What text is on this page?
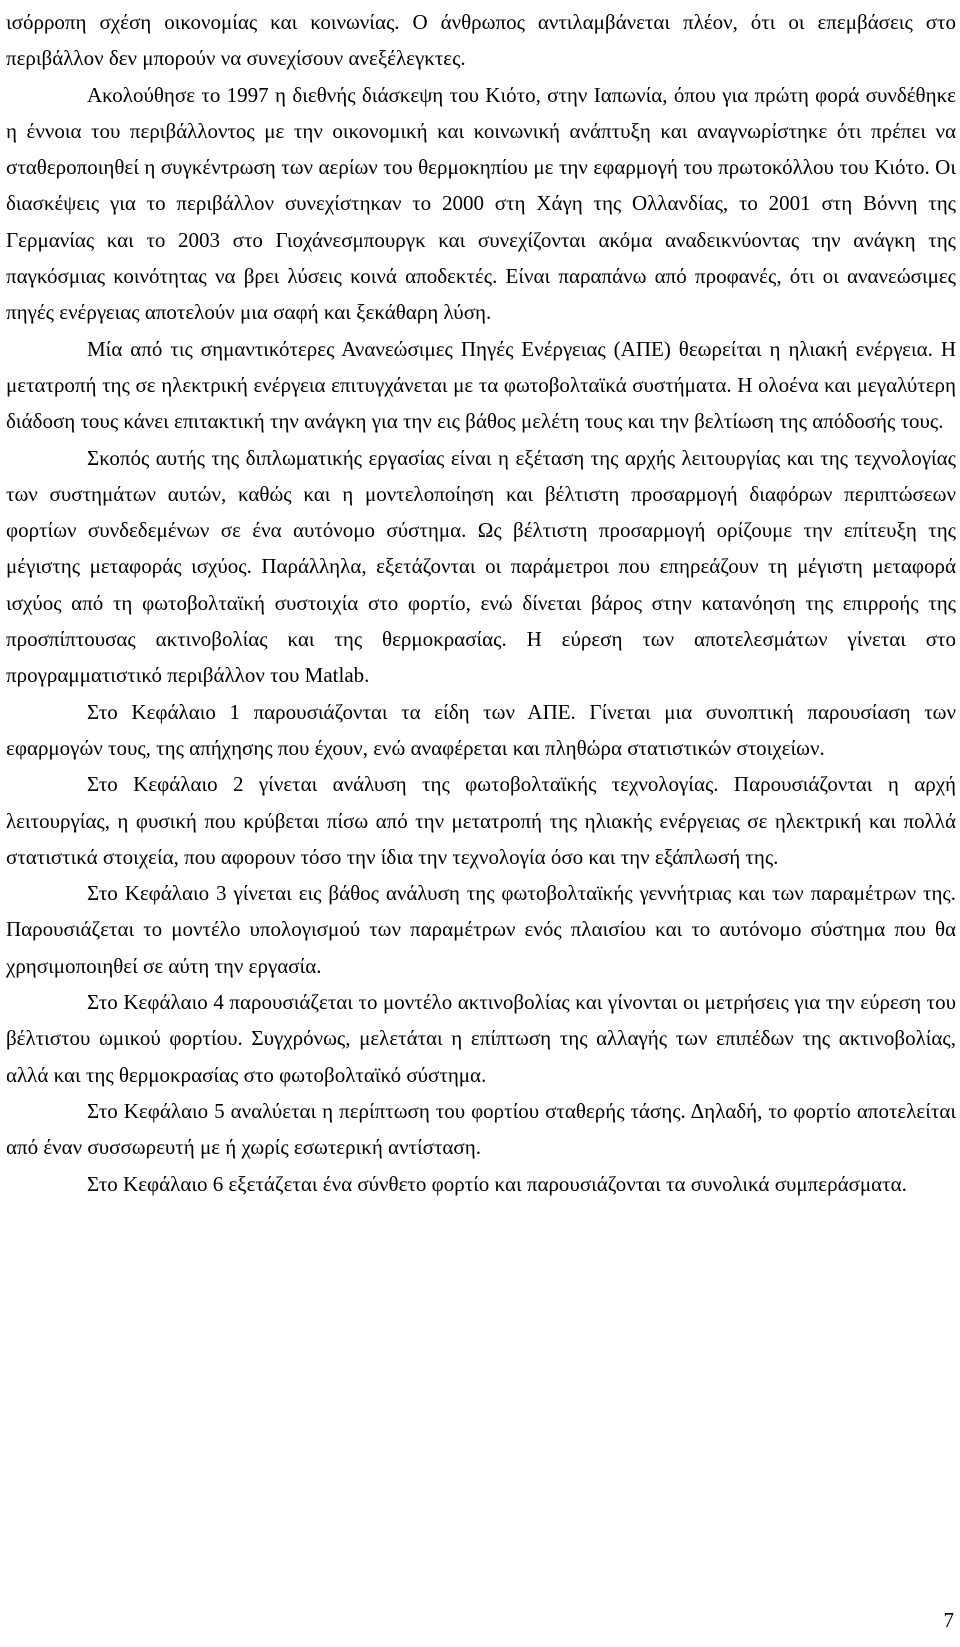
ισόρροπη σχέση οικονομίας και κοινωνίας. Ο άνθρωπος αντιλαμβάνεται πλέον, ότι οι επεμβάσεις στο περιβάλλον δεν μπορούν να συνεχίσουν ανεξέλεγκτες.

Ακολούθησε το 1997 η διεθνής διάσκεψη του Κιότο, στην Ιαπωνία, όπου για πρώτη φορά συνδέθηκε η έννοια του περιβάλλοντος με την οικονομική και κοινωνική ανάπτυξη και αναγνωρίστηκε ότι πρέπει να σταθεροποιηθεί η συγκέντρωση των αερίων του θερμοκηπίου με την εφαρμογή του πρωτοκόλλου του Κιότο. Οι διασκέψεις για το περιβάλλον συνεχίστηκαν το 2000 στη Χάγη της Ολλανδίας, το 2001 στη Βόννη της Γερμανίας και το 2003 στο Γιοχάνεσμπουργκ και συνεχίζονται ακόμα αναδεικνύοντας την ανάγκη της παγκόσμιας κοινότητας να βρει λύσεις κοινά αποδεκτές. Είναι παραπάνω από προφανές, ότι οι ανανεώσιμες πηγές ενέργειας αποτελούν μια σαφή και ξεκάθαρη λύση.

Μία από τις σημαντικότερες Ανανεώσιμες Πηγές Ενέργειας (ΑΠΕ) θεωρείται η ηλιακή ενέργεια. Η μετατροπή της σε ηλεκτρική ενέργεια επιτυγχάνεται με τα φωτοβολταϊκά συστήματα. Η ολοένα και μεγαλύτερη διάδοση τους κάνει επιτακτική την ανάγκη για την εις βάθος μελέτη τους και την βελτίωση της απόδοσής τους.

Σκοπός αυτής της διπλωματικής εργασίας είναι η εξέταση της αρχής λειτουργίας και της τεχνολογίας των συστημάτων αυτών, καθώς και η μοντελοποίηση και βέλτιστη προσαρμογή διαφόρων περιπτώσεων φορτίων συνδεδεμένων σε ένα αυτόνομο σύστημα. Ως βέλτιστη προσαρμογή ορίζουμε την επίτευξη της μέγιστης μεταφοράς ισχύος. Παράλληλα, εξετάζονται οι παράμετροι που επηρεάζουν τη μέγιστη μεταφορά ισχύος από τη φωτοβολταϊκή συστοιχία στο φορτίο, ενώ δίνεται βάρος στην κατανόηση της επιρροής της προσπίπτουσας ακτινοβολίας και της θερμοκρασίας. Η εύρεση των αποτελεσμάτων γίνεται στο προγραμματιστικό περιβάλλον του Matlab.

Στο Κεφάλαιο 1 παρουσιάζονται τα είδη των ΑΠΕ. Γίνεται μια συνοπτική παρουσίαση των εφαρμογών τους, της απήχησης που έχουν, ενώ αναφέρεται και πληθώρα στατιστικών στοιχείων.

Στο Κεφάλαιο 2 γίνεται ανάλυση της φωτοβολταϊκής τεχνολογίας. Παρουσιάζονται η αρχή λειτουργίας, η φυσική που κρύβεται πίσω από την μετατροπή της ηλιακής ενέργειας σε ηλεκτρική και πολλά στατιστικά στοιχεία, που αφορουν τόσο την ίδια την τεχνολογία όσο και την εξάπλωσή της.

Στο Κεφάλαιο 3 γίνεται εις βάθος ανάλυση της φωτοβολταϊκής γεννήτριας και των παραμέτρων της. Παρουσιάζεται το μοντέλο υπολογισμού των παραμέτρων ενός πλαισίου και το αυτόνομο σύστημα που θα χρησιμοποιηθεί σε αύτη την εργασία.

Στο Κεφάλαιο 4 παρουσιάζεται το μοντέλο ακτινοβολίας και γίνονται οι μετρήσεις για την εύρεση του βέλτιστου ωμικού φορτίου. Συγχρόνως, μελετάται η επίπτωση της αλλαγής των επιπέδων της ακτινοβολίας, αλλά και της θερμοκρασίας στο φωτοβολταϊκό σύστημα.

Στο Κεφάλαιο 5 αναλύεται η περίπτωση του φορτίου σταθερής τάσης. Δηλαδή, το φορτίο αποτελείται από έναν συσσωρευτή με ή χωρίς εσωτερική αντίσταση.

Στο Κεφάλαιο 6 εξετάζεται ένα σύνθετο φορτίο και παρουσιάζονται τα συνολικά συμπεράσματα.

7
